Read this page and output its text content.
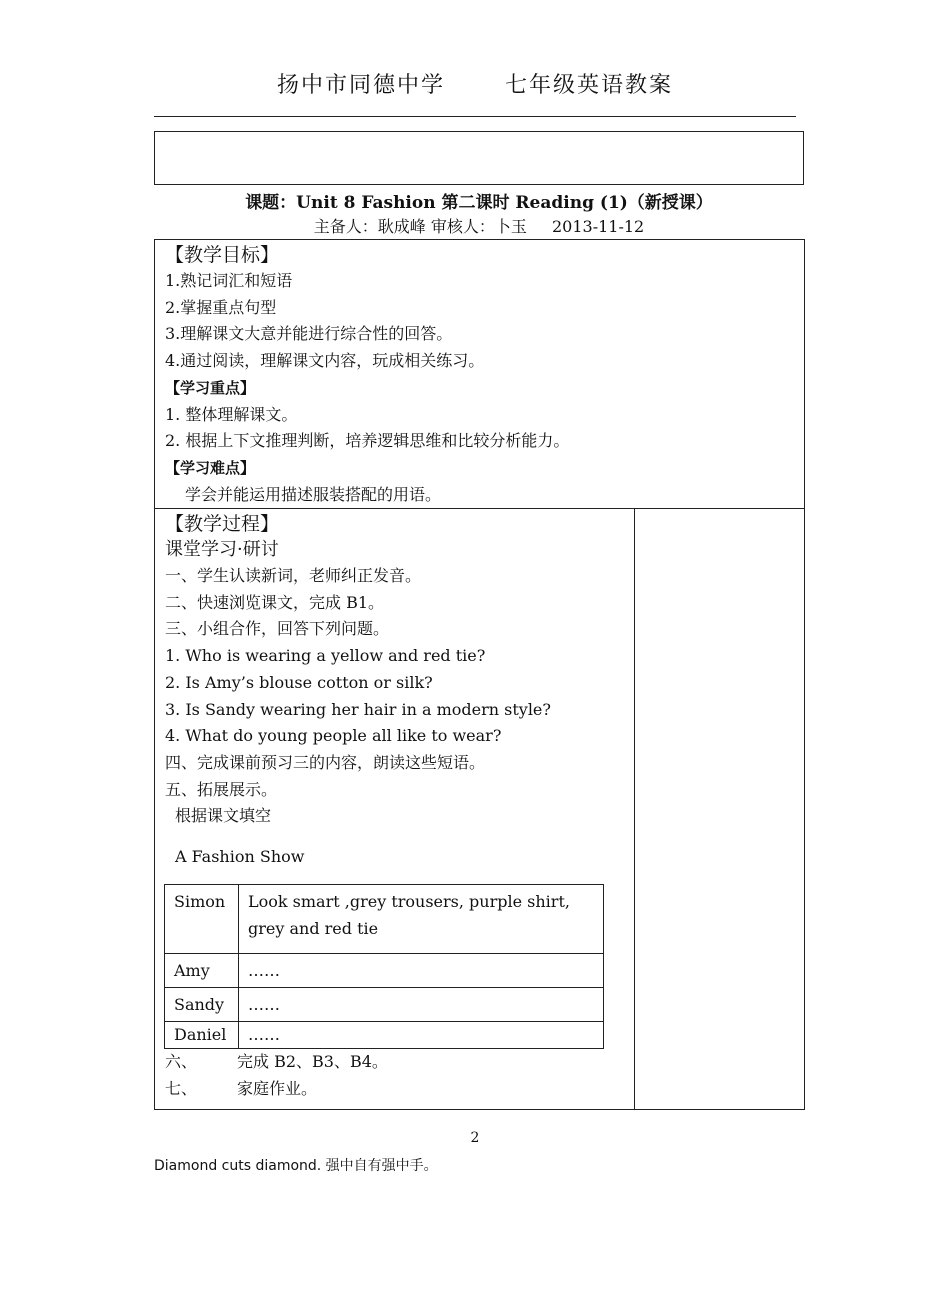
扬中市同德中学	七年级英语教案
课题：Unit 8 Fashion 第二课时 Reading (1)（新授课）
主备人：耿成峰 审核人：卜玉 2013-11-12
【教学目标】
1.熟记词汇和短语
2.掌握重点句型
3.理解课文大意并能进行综合性的回答。
4.通过阅读，理解课文内容，玩成相关练习。
【学习重点】
1. 整体理解课文。
2. 根据上下文推理判断，培养逻辑思维和比较分析能力。
【学习难点】
学会并能运用描述服装搭配的用语。
【教学过程】
课堂学习·研讨
一、学生认读新词，老师纠正发音。
二、快速浏览课文，完成 B1。
三、小组合作，回答下列问题。
1. Who is wearing a yellow and red tie?
2. Is Amy’s blouse cotton or silk?
3. Is Sandy wearing her hair in a modern style?
4. What do young people all like to wear?
四、完成课前预习三的内容，朗读这些短语。
五、拓展展示。
根据课文填空
A Fashion Show
Simon	Look smart ,grey trousers, purple shirt,
grey and red tie

Amy	……
Sandy	……
Daniel	……
六、 完成 B2、B3、B4。
七、 家庭作业。
2
Diamond cuts diamond. 强中自有强中手。
